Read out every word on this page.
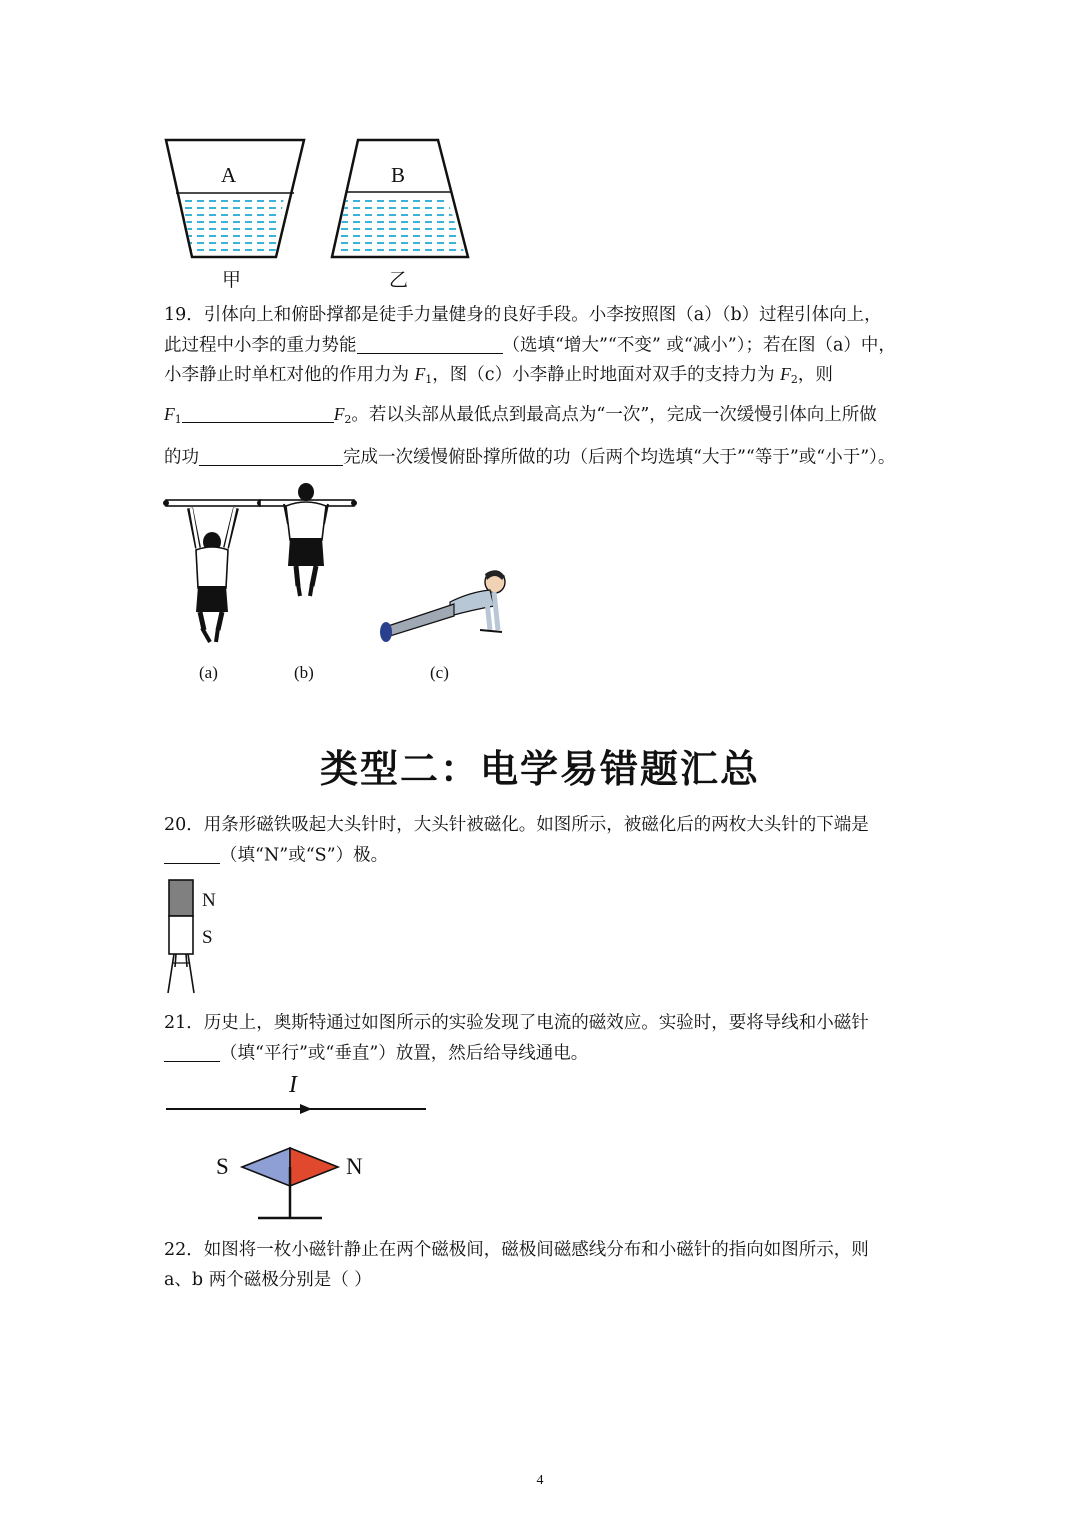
A	B
甲	乙
19．引体向上和俯卧撑都是徒手力量健身的良好手段。小李按照图（a）（b）过程引体向上，
此过程中小李的重力势能	（选填“增大”“不变” 或“减小”）；若在图（a）中，
小李静止时单杠对他的作用力为 $F_1$，图（c）小李静止时地面对双手的支持力为 $F_2$，则
$F_1$	$F_2$。若以头部从最低点到最高点为“一次”，完成一次缓慢引体向上所做
的功	完成一次缓慢俯卧撑所做的功（后两个均选填“大于”“等于”或“小于”）。
(a)	(b)	(c)
类型二：电学易错题汇总
20．用条形磁铁吸起大头针时，大头针被磁化。如图所示，被磁化后的两枚大头针的下端是
（填“N”或“S”）极。
N
S
21．历史上，奥斯特通过如图所示的实验发现了电流的磁效应。实验时，要将导线和小磁针
（填“平行”或“垂直”）放置，然后给导线通电。
I
S	N
22．如图将一枚小磁针静止在两个磁极间，磁极间磁感线分布和小磁针的指向如图所示，则
a、b 两个磁极分别是（ ）
4
